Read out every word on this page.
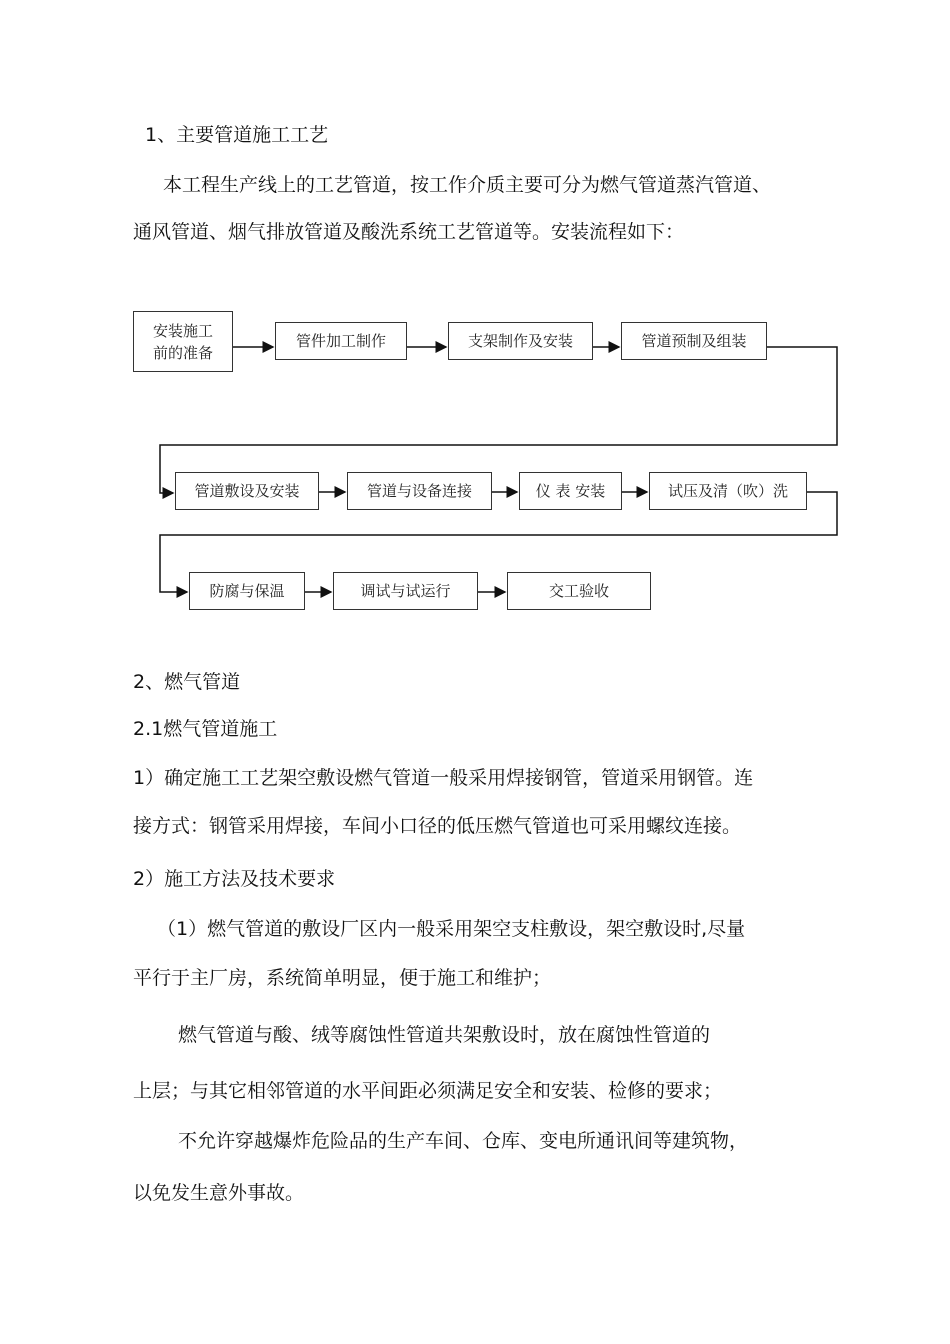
1、主要管道施工工艺
本工程生产线上的工艺管道，按工作介质主要可分为燃气管道蒸汽管道、
通风管道、烟气排放管道及酸洗系统工艺管道等。安装流程如下：
安装施工
前的准备
管件加工制作	支架制作及安装	管道预制及组装
管道敷设及安装	管道与设备连接	仪 表 安装	试压及清（吹）洗
防腐与保温	调试与试运行	交工验收
2、燃气管道
2.1燃气管道施工
1）确定施工工艺架空敷设燃气管道一般采用焊接钢管，管道采用钢管。连
接方式：钢管采用焊接，车间小口径的低压燃气管道也可采用螺纹连接。
2）施工方法及技术要求
（1）燃气管道的敷设厂区内一般采用架空支柱敷设，架空敷设时,尽量
平行于主厂房，系统简单明显，便于施工和维护；
燃气管道与酸、绒等腐蚀性管道共架敷设时，放在腐蚀性管道的
上层；与其它相邻管道的水平间距必须满足安全和安装、检修的要求；
不允许穿越爆炸危险品的生产车间、仓库、变电所通讯间等建筑物，
以免发生意外事故。
